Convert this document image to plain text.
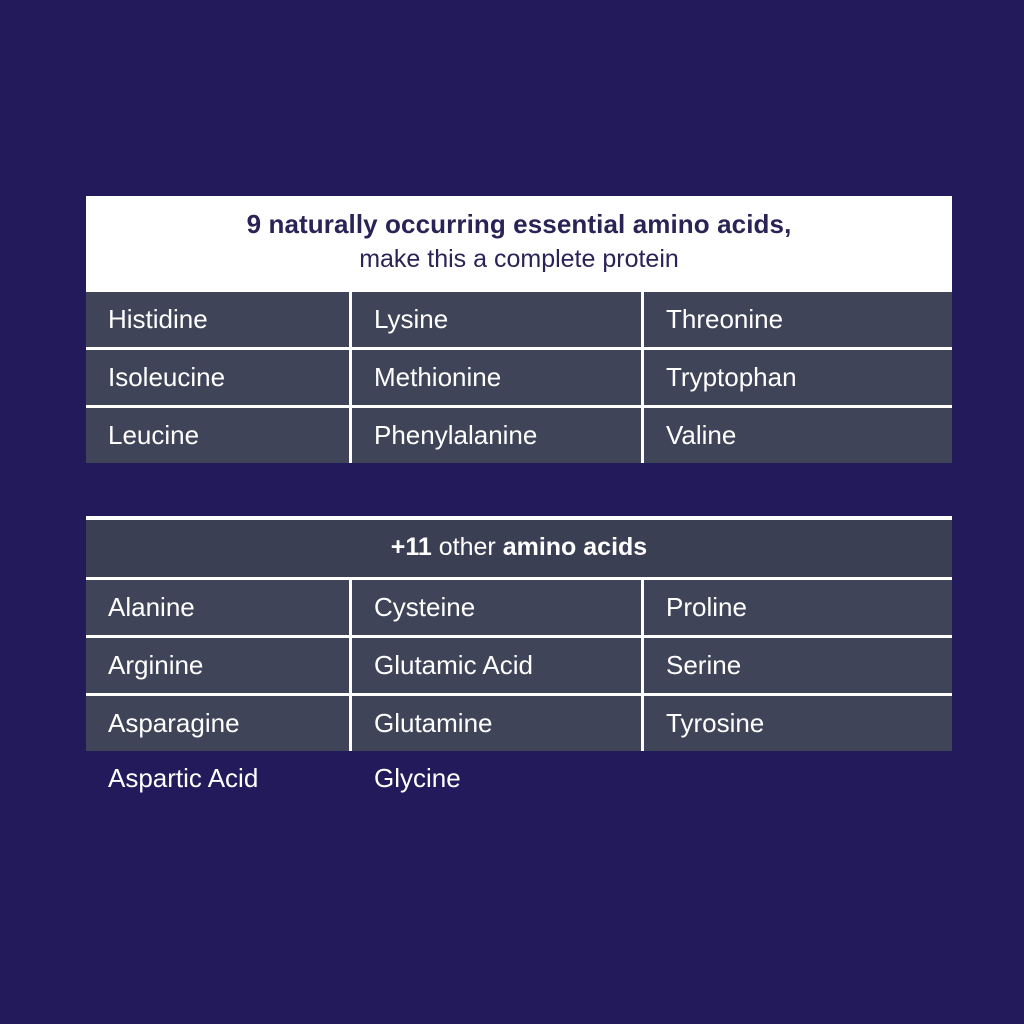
9 naturally occurring essential amino acids,
make this a complete protein
Histidine	Lysine	Threonine
Isoleucine	Methionine	Tryptophan
Leucine	Phenylalanine	Valine
+11 other amino acids
Alanine	Cysteine	Proline
Arginine	Glutamic Acid	Serine
Asparagine	Glutamine	Tyrosine
Aspartic Acid	Glycine
